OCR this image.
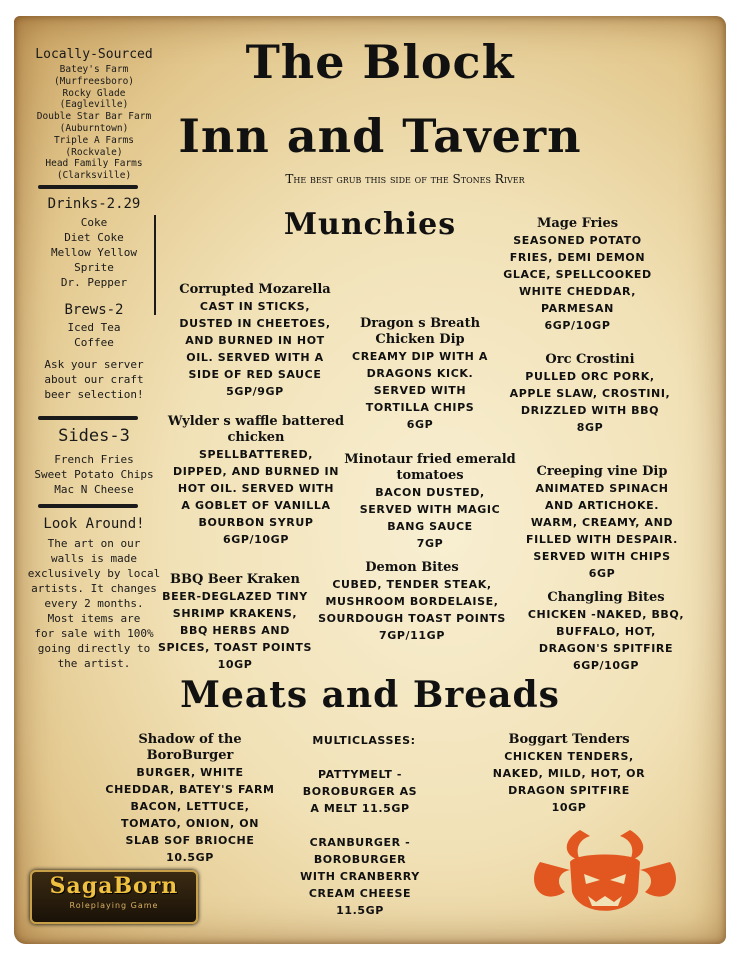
The Block
Inn and Tavern
The best grub this side of the Stones River
Locally-Sourced
Batey's Farm
(Murfreesboro)
Rocky Glade
(Eagleville)
Double Star Bar Farm
(Auburntown)
Triple A Farms
(Rockvale)
Head Family Farms
(Clarksville)
Drinks-2.29
Coke
Diet Coke
Mellow Yellow
Sprite
Dr. Pepper
Brews-2
Iced Tea
Coffee
Ask your server
about our craft
beer selection!
Sides-3
French Fries
Sweet Potato Chips
Mac N Cheese
Look Around!
The art on our
walls is made
exclusively by local
artists. It changes
every 2 months.
Most items are
for sale with 100%
going directly to
the artist.
Munchies
Corrupted Mozarella
CAST IN STICKS,
DUSTED IN CHEETOES,
AND BURNED IN HOT
OIL. SERVED WITH A
SIDE OF RED SAUCE
5GP/9GP
Wylder s waffle battered
chicken
SPELLBATTERED,
DIPPED, AND BURNED IN
HOT OIL. SERVED WITH
A GOBLET OF VANILLA
BOURBON SYRUP
6GP/10GP
BBQ Beer Kraken
BEER-DEGLAZED TINY
SHRIMP KRAKENS,
BBQ HERBS AND
SPICES, TOAST POINTS
10GP
Dragon s Breath
Chicken Dip
CREAMY DIP WITH A
DRAGONS KICK.
SERVED WITH
TORTILLA CHIPS
6GP
Minotaur fried emerald
tomatoes
BACON DUSTED,
SERVED WITH MAGIC
BANG SAUCE
7GP
Demon Bites
CUBED, TENDER STEAK,
MUSHROOM BORDELAISE,
SOURDOUGH TOAST POINTS
7GP/11GP
Mage Fries
SEASONED POTATO
FRIES, DEMI DEMON
GLACE, SPELLCOOKED
WHITE CHEDDAR,
PARMESAN
6GP/10GP
Orc Crostini
PULLED ORC PORK,
APPLE SLAW, CROSTINI,
DRIZZLED WITH BBQ
8GP
Creeping vine Dip
ANIMATED SPINACH
AND ARTICHOKE.
WARM, CREAMY, AND
FILLED WITH DESPAIR.
SERVED WITH CHIPS
6GP
Changling Bites
CHICKEN -NAKED, BBQ,
BUFFALO, HOT,
DRAGON'S SPITFIRE
6GP/10GP
Meats and Breads
Shadow of the BoroBurger
BURGER, WHITE
CHEDDAR, BATEY'S FARM
BACON, LETTUCE,
TOMATO, ONION, ON
SLAB SOF BRIOCHE
10.5GP
MULTICLASSES:
PATTYMELT -
BOROBURGER AS
A MELT 11.5GP
CRANBURGER -
BOROBURGER
WITH CRANBERRY
CREAM CHEESE
11.5GP
Boggart Tenders
CHICKEN TENDERS,
NAKED, MILD, HOT, OR
DRAGON SPITFIRE
10GP
SagaBorn
Roleplaying Game
